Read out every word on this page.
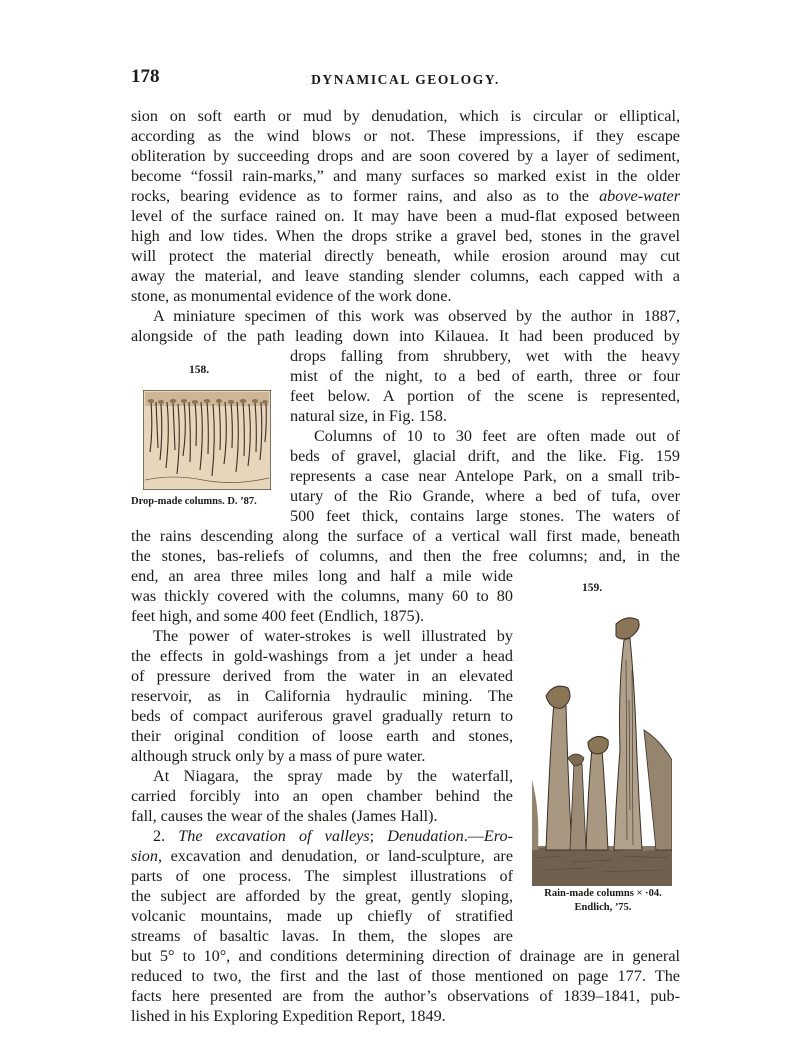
178	DYNAMICAL GEOLOGY.
sion on soft earth or mud by denudation, which is circular or elliptical,
according as the wind blows or not. These impressions, if they escape
obliteration by succeeding drops and are soon covered by a layer of sediment,
become “fossil rain-marks,” and many surfaces so marked exist in the older
rocks, bearing evidence as to former rains, and also as to the above-water
level of the surface rained on. It may have been a mud-flat exposed between
high and low tides. When the drops strike a gravel bed, stones in the gravel
will protect the material directly beneath, while erosion around may cut
away the material, and leave standing slender columns, each capped with a
stone, as monumental evidence of the work done.
A miniature specimen of this work was observed by the author in 1887,
alongside of the path leading down into Kilauea. It had been produced by
drops falling from shrubbery, wet with the heavy
mist of the night, to a bed of earth, three or four
feet below. A portion of the scene is represented,
natural size, in Fig. 158.
Columns of 10 to 30 feet are often made out of
beds of gravel, glacial drift, and the like. Fig. 159
represents a case near Antelope Park, on a small trib-
utary of the Rio Grande, where a bed of tufa, over
500 feet thick, contains large stones. The waters of
the rains descending along the surface of a vertical wall first made, beneath
the stones, bas-reliefs of columns, and then the free columns; and, in the
end, an area three miles long and half a mile wide
was thickly covered with the columns, many 60 to 80
feet high, and some 400 feet (Endlich, 1875).
The power of water-strokes is well illustrated by
the effects in gold-washings from a jet under a head
of pressure derived from the water in an elevated
reservoir, as in California hydraulic mining. The
beds of compact auriferous gravel gradually return to
their original condition of loose earth and stones,
although struck only by a mass of pure water.
At Niagara, the spray made by the waterfall,
carried forcibly into an open chamber behind the
fall, causes the wear of the shales (James Hall).
2. The excavation of valleys; Denudation.—Ero-
sion, excavation and denudation, or land-sculpture, are
parts of one process. The simplest illustrations of
the subject are afforded by the great, gently sloping,
volcanic mountains, made up chiefly of stratified
streams of basaltic lavas. In them, the slopes are
but 5° to 10°, and conditions determining direction of drainage are in general
reduced to two, the first and the last of those mentioned on page 177. The
facts here presented are from the author’s observations of 1839–1841, pub-
lished in his Exploring Expedition Report, 1849.
158.
Drop-made columns. D. ’87.
159.
Rain-made columns × ·04.
Endlich, ’75.
